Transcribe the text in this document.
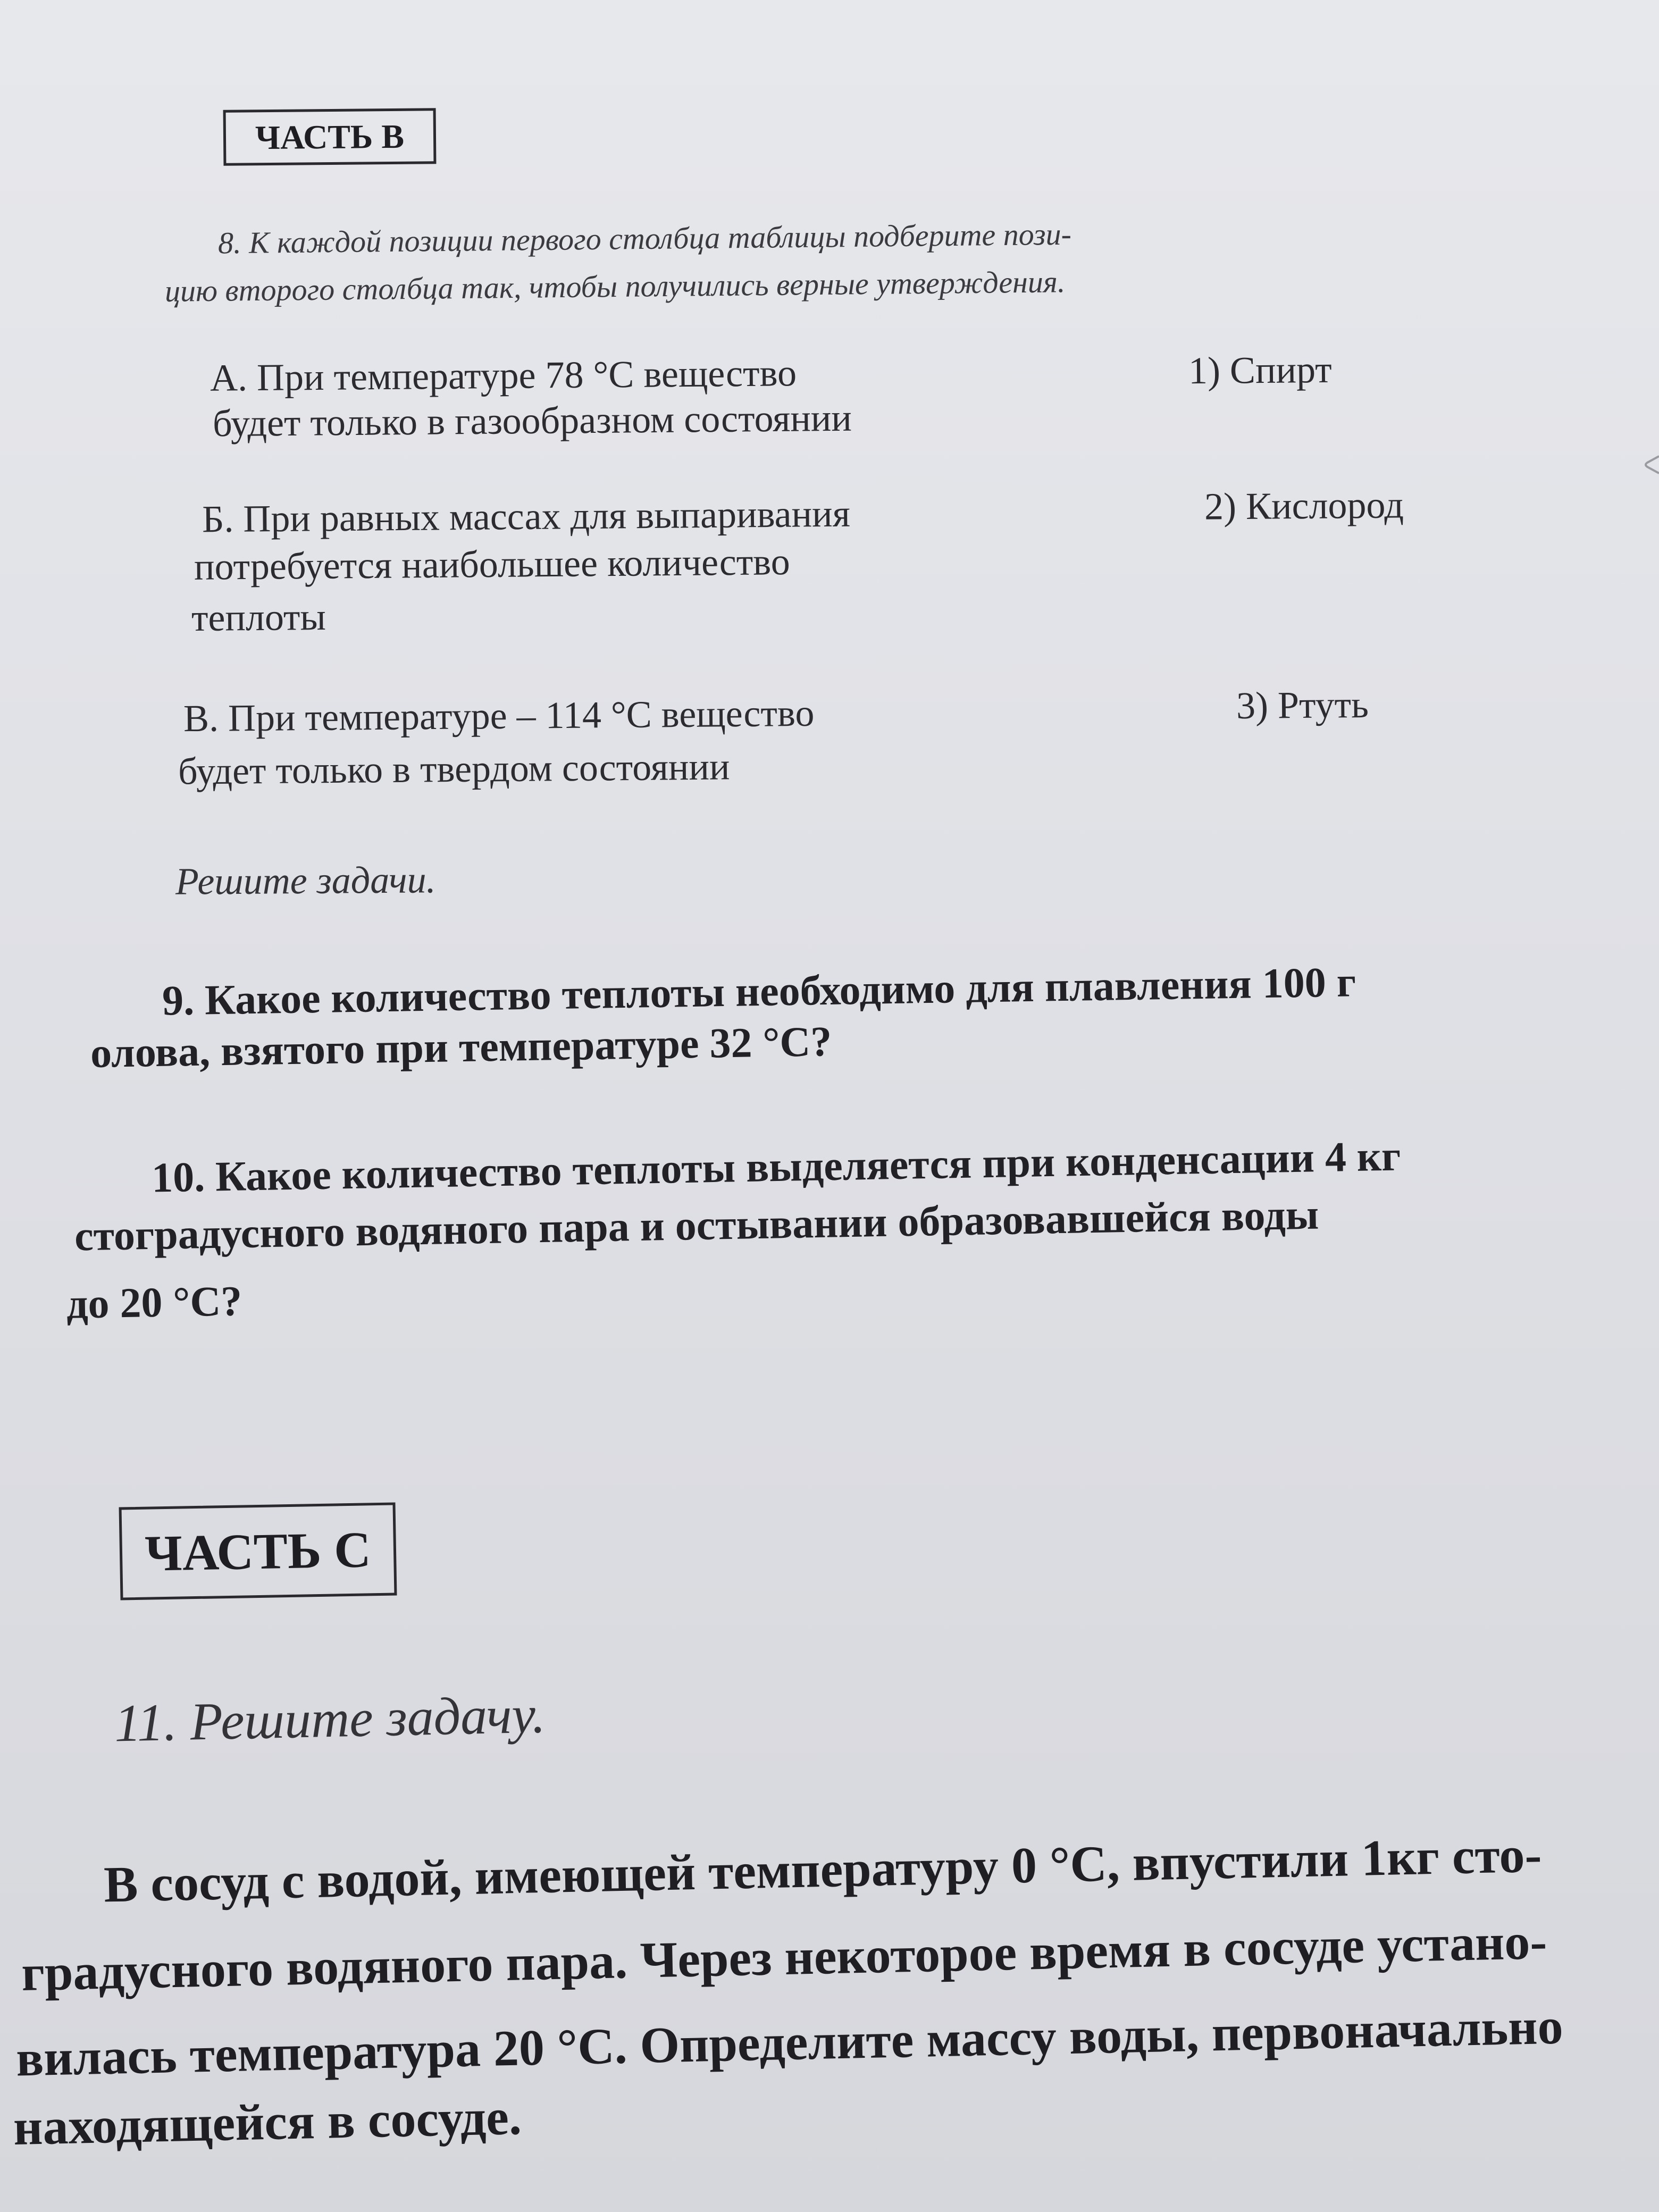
ЧАСТЬ В

8. К каждой позиции первого столбца таблицы подберите пози-

цию второго столбца так, чтобы получились верные утверждения.

А. При температуре 78 °С вещество

будет только в газообразном состоянии

1) Спирт

Б. При равных массах для выпаривания

потребуется наибольшее количество

теплоты

2) Кислород

В. При температуре – 114 °С вещество

будет только в твердом состоянии

3) Ртуть

Решите задачи.

9. Какое количество теплоты необходимо для плавления 100 г

олова, взятого при температуре 32 °С?

10. Какое количество теплоты выделяется при конденсации 4 кг

стоградусного водяного пара и остывании образовавшейся воды

до 20 °С?

ЧАСТЬ С

11. Решите задачу.

В сосуд с водой, имеющей температуру 0 °С, впустили 1кг сто-

градусного водяного пара. Через некоторое время в сосуде устано-

вилась температура 20 °С. Определите массу воды, первоначально

находящейся в сосуде.
